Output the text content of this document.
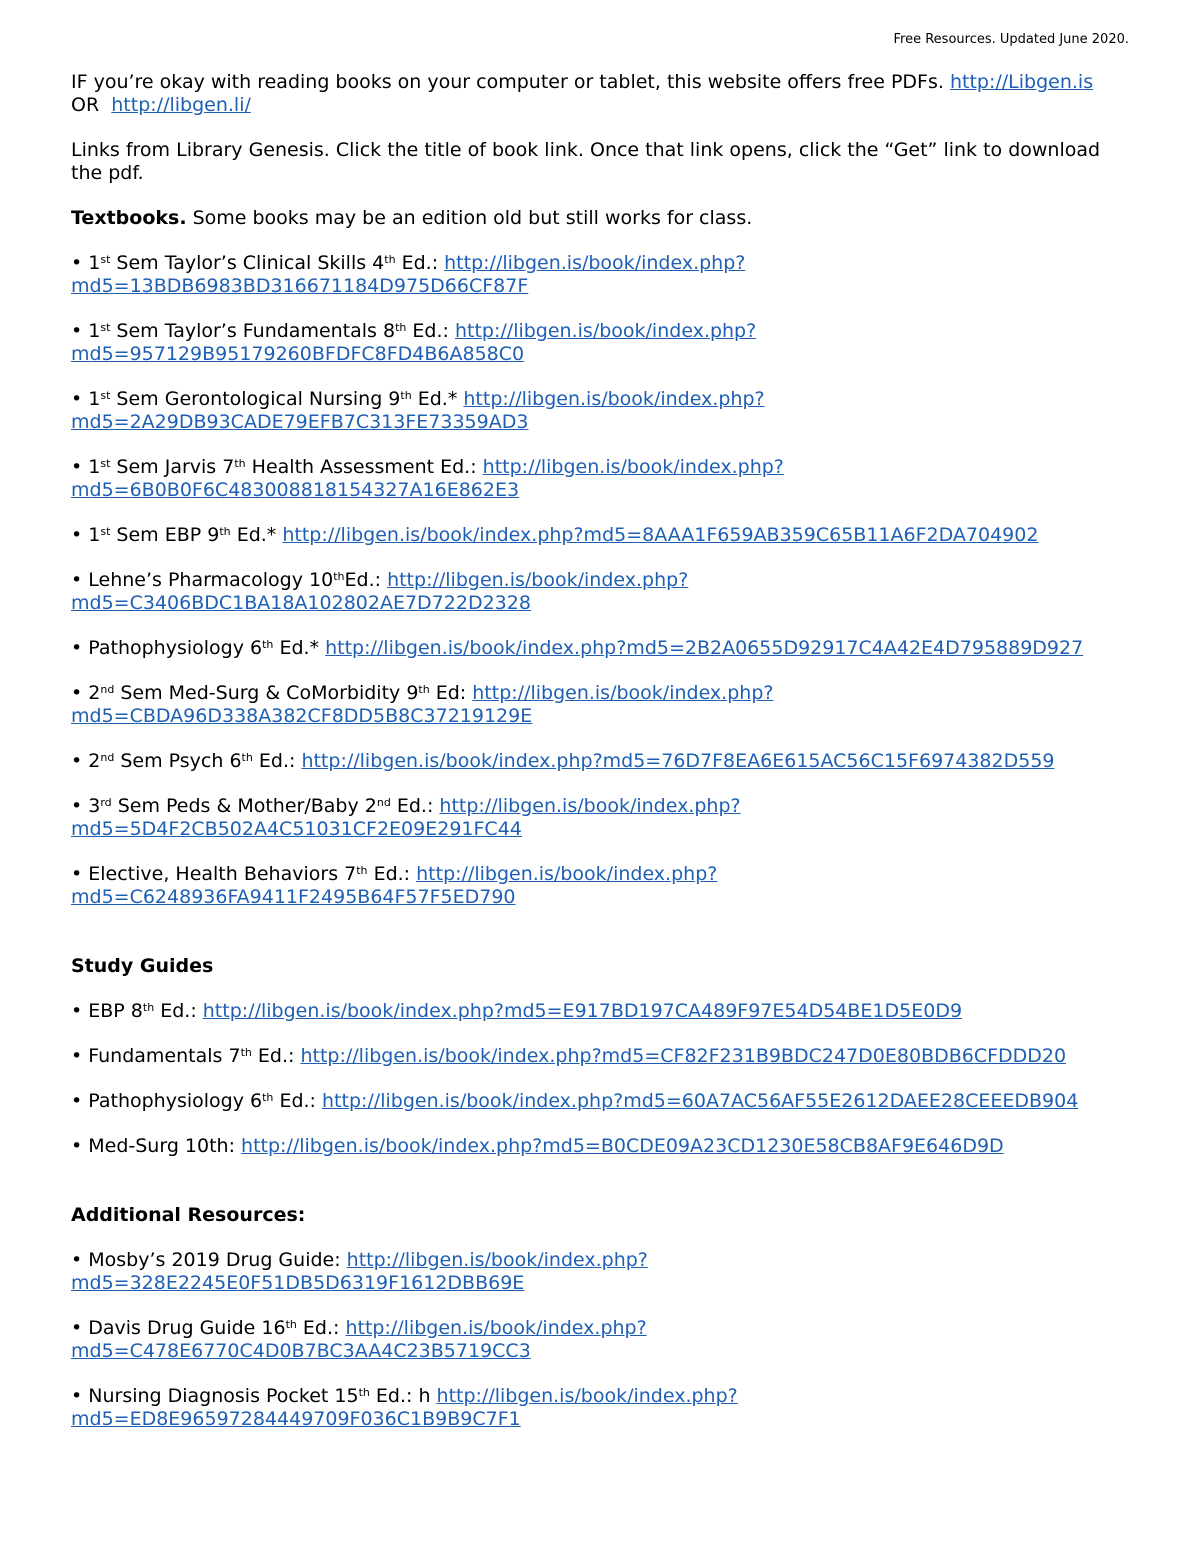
Free Resources. Updated June 2020.

IF you’re okay with reading books on your computer or tablet, this website offers free PDFs. http://Libgen.is
OR http://libgen.li/

Links from Library Genesis. Click the title of book link. Once that link opens, click the “Get” link to download the pdf.

Textbooks. Some books may be an edition old but still works for class.

• 1st Sem Taylor’s Clinical Skills 4th Ed.: http://libgen.is/book/index.php?
md5=13BDB6983BD316671184D975D66CF87F

• 1st Sem Taylor’s Fundamentals 8th Ed.: http://libgen.is/book/index.php?
md5=957129B95179260BFDFC8FD4B6A858C0

• 1st Sem Gerontological Nursing 9th Ed.* http://libgen.is/book/index.php?
md5=2A29DB93CADE79EFB7C313FE73359AD3

• 1st Sem Jarvis 7th Health Assessment Ed.: http://libgen.is/book/index.php?
md5=6B0B0F6C483008818154327A16E862E3

• 1st Sem EBP 9th Ed.* http://libgen.is/book/index.php?md5=8AAA1F659AB359C65B11A6F2DA704902

• Lehne’s Pharmacology 10thEd.: http://libgen.is/book/index.php?
md5=C3406BDC1BA18A102802AE7D722D2328

• Pathophysiology 6th Ed.* http://libgen.is/book/index.php?md5=2B2A0655D92917C4A42E4D795889D927

• 2nd Sem Med-Surg & CoMorbidity 9th Ed: http://libgen.is/book/index.php?
md5=CBDA96D338A382CF8DD5B8C37219129E

• 2nd Sem Psych 6th Ed.: http://libgen.is/book/index.php?md5=76D7F8EA6E615AC56C15F6974382D559

• 3rd Sem Peds & Mother/Baby 2nd Ed.: http://libgen.is/book/index.php?
md5=5D4F2CB502A4C51031CF2E09E291FC44

• Elective, Health Behaviors 7th Ed.: http://libgen.is/book/index.php?
md5=C6248936FA9411F2495B64F57F5ED790

Study Guides

• EBP 8th Ed.: http://libgen.is/book/index.php?md5=E917BD197CA489F97E54D54BE1D5E0D9

• Fundamentals 7th Ed.: http://libgen.is/book/index.php?md5=CF82F231B9BDC247D0E80BDB6CFDDD20

• Pathophysiology 6th Ed.: http://libgen.is/book/index.php?md5=60A7AC56AF55E2612DAEE28CEEEDB904

• Med-Surg 10th: http://libgen.is/book/index.php?md5=B0CDE09A23CD1230E58CB8AF9E646D9D

Additional Resources:

• Mosby’s 2019 Drug Guide: http://libgen.is/book/index.php?
md5=328E2245E0F51DB5D6319F1612DBB69E

• Davis Drug Guide 16th Ed.: http://libgen.is/book/index.php?
md5=C478E6770C4D0B7BC3AA4C23B5719CC3

• Nursing Diagnosis Pocket 15th Ed.: h http://libgen.is/book/index.php?
md5=ED8E96597284449709F036C1B9B9C7F1
